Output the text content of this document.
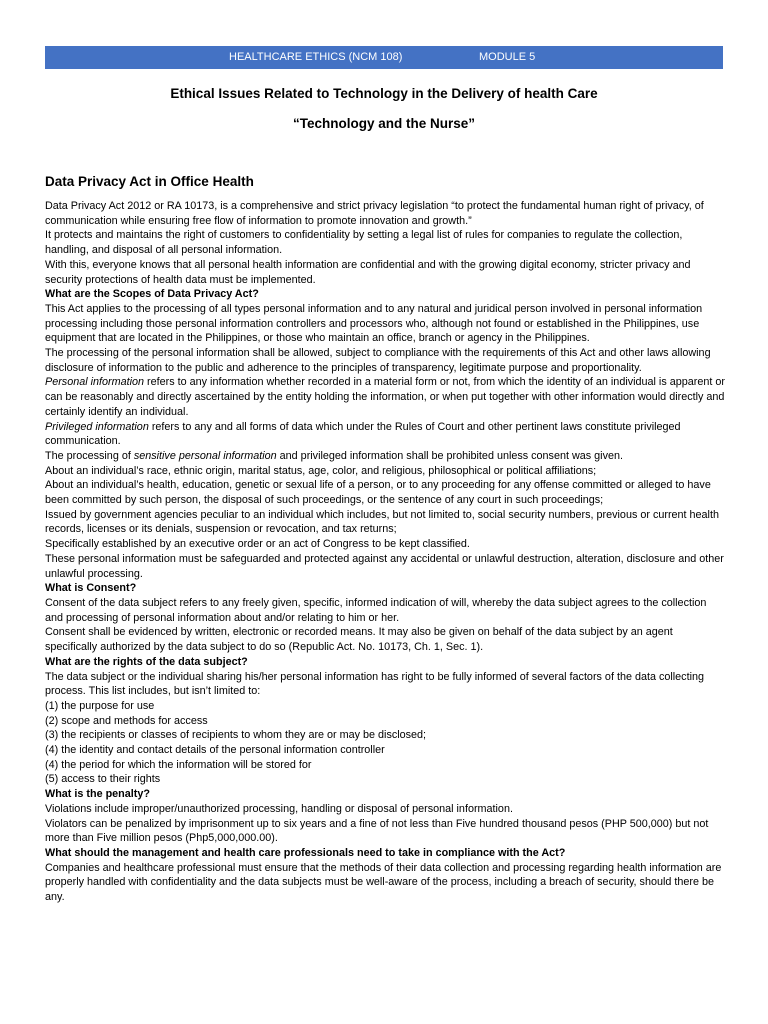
HEALTHCARE ETHICS (NCM 108)	MODULE 5
Ethical Issues Related to Technology in the Delivery of health Care
“Technology and the Nurse”
Data Privacy Act in Office Health

Data Privacy Act 2012 or RA 10173, is a comprehensive and strict privacy legislation “to protect the fundamental human right of privacy, of communication while ensuring free flow of information to promote innovation and growth.”

It protects and maintains the right of customers to confidentiality by setting a legal list of rules for companies to regulate the collection, handling, and disposal of all personal information.

With this, everyone knows that all personal health information are confidential and with the growing digital economy, stricter privacy and security protections of health data must be implemented.

What are the Scopes of Data Privacy Act?

This Act applies to the processing of all types personal information and to any natural and juridical person involved in personal information processing including those personal information controllers and processors who, although not found or established in the Philippines, use equipment that are located in the Philippines, or those who maintain an office, branch or agency in the Philippines.

The processing of the personal information shall be allowed, subject to compliance with the requirements of this Act and other laws allowing disclosure of information to the public and adherence to the principles of transparency, legitimate purpose and proportionality.

Personal information refers to any information whether recorded in a material form or not, from which the identity of an individual is apparent or can be reasonably and directly ascertained by the entity holding the information, or when put together with other information would directly and certainly identify an individual.

Privileged information refers to any and all forms of data which under the Rules of Court and other pertinent laws constitute privileged communication.

The processing of sensitive personal information and privileged information shall be prohibited unless consent was given.

About an individual’s race, ethnic origin, marital status, age, color, and religious, philosophical or political affiliations;

About an individual’s health, education, genetic or sexual life of a person, or to any proceeding for any offense committed or alleged to have been committed by such person, the disposal of such proceedings, or the sentence of any court in such proceedings;

Issued by government agencies peculiar to an individual which includes, but not limited to, social security numbers, previous or current health records, licenses or its denials, suspension or revocation, and tax returns;

Specifically established by an executive order or an act of Congress to be kept classified.

These personal information must be safeguarded and protected against any accidental or unlawful destruction, alteration, disclosure and other unlawful processing.

What is Consent?

Consent of the data subject refers to any freely given, specific, informed indication of will, whereby the data subject agrees to the collection and processing of personal information about and/or relating to him or her.

Consent shall be evidenced by written, electronic or recorded means. It may also be given on behalf of the data subject by an agent specifically authorized by the data subject to do so (Republic Act. No. 10173, Ch. 1, Sec. 1).

What are the rights of the data subject?

The data subject or the individual sharing his/her personal information has right to be fully informed of several factors of the data collecting process. This list includes, but isn’t limited to:

(1) the purpose for use

(2) scope and methods for access

(3) the recipients or classes of recipients to whom they are or may be disclosed;

(4) the identity and contact details of the personal information controller

(4) the period for which the information will be stored for

(5) access to their rights

What is the penalty?

Violations include improper/unauthorized processing, handling or disposal of personal information.

Violators can be penalized by imprisonment up to six years and a fine of not less than Five hundred thousand pesos (PHP 500,000) but not more than Five million pesos (Php5,000,000.00).

What should the management and health care professionals need to take in compliance with the Act?

Companies and healthcare professional must ensure that the methods of their data collection and processing regarding health information are properly handled with confidentiality and the data subjects must be well-aware of the process, including a breach of security, should there be any.
